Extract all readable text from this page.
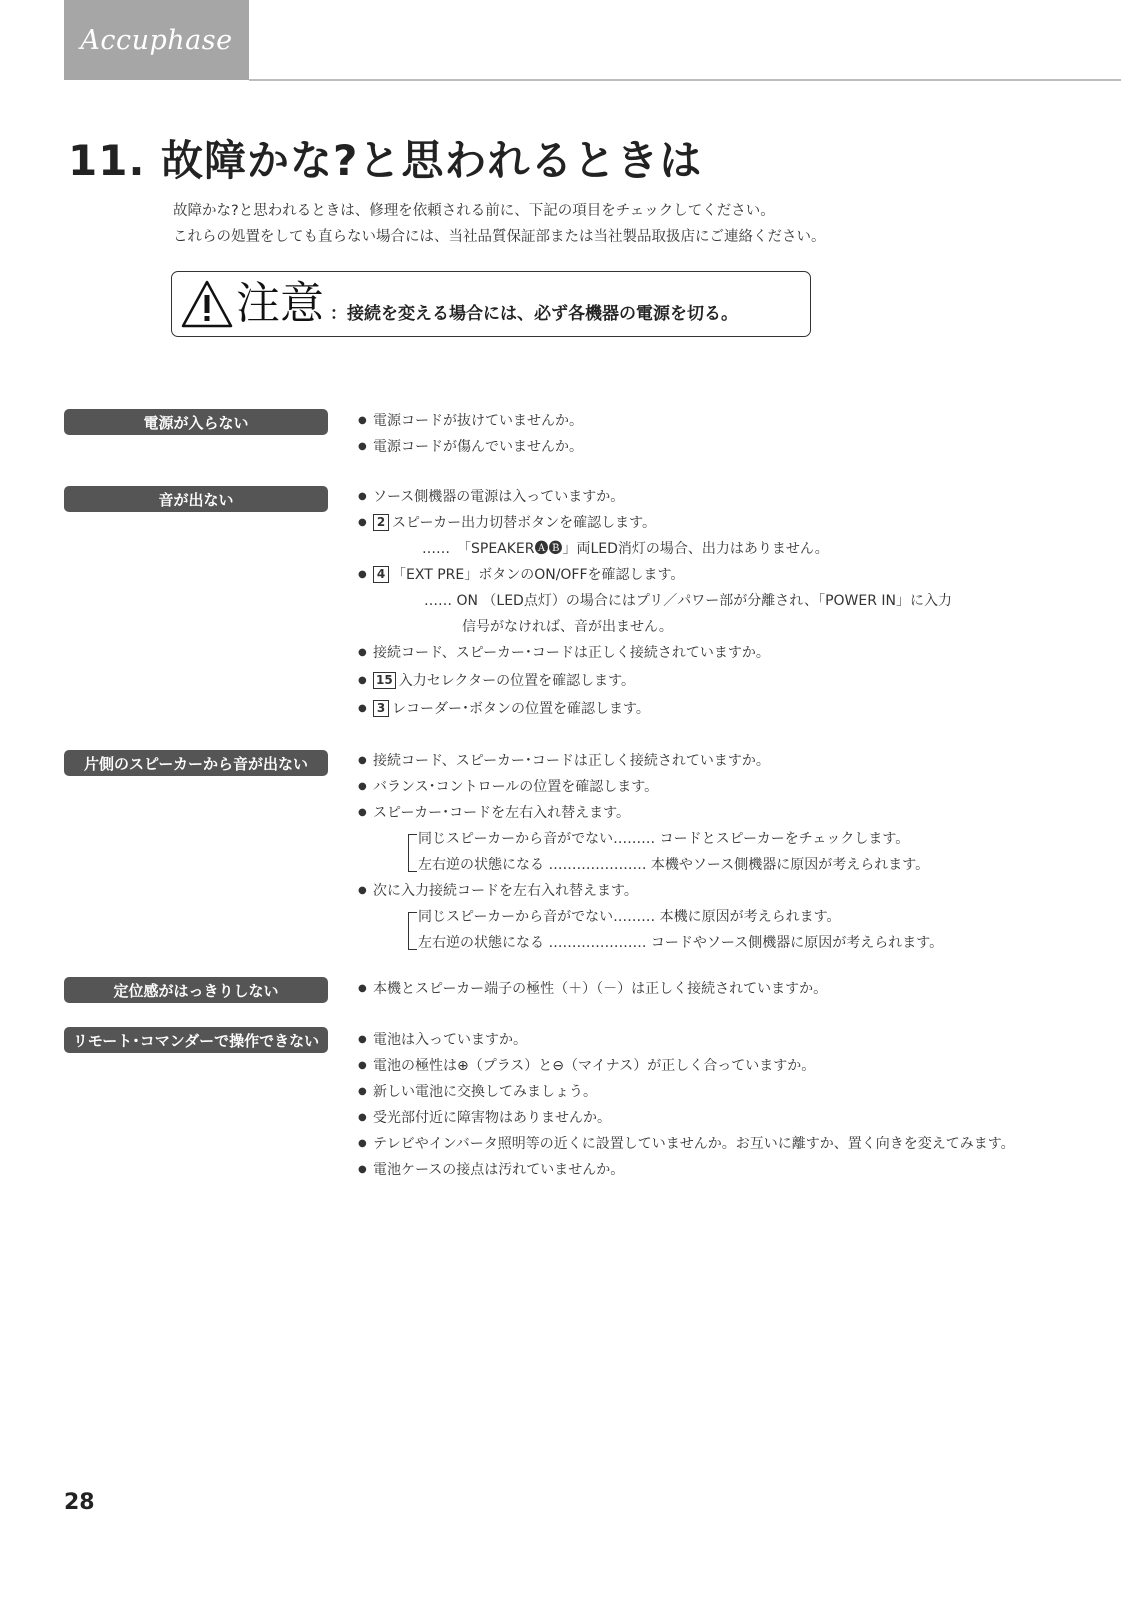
Accuphase
11. 故障かな?と思われるときは

故障かな?と思われるときは、修理を依頼される前に、下記の項目をチェックしてください。

これらの処置をしても直らない場合には、当社品質保証部または当社製品取扱店にご連絡ください。

注意 ：接続を変える場合には、必ず各機器の電源を切る。
電源が入らない	● 電源コードが抜けていませんか。
● 電源コードが傷んでいませんか。
音が出ない	● ソース側機器の電源は入っていますか。
● 2 スピーカー出力切替ボタンを確認します。
……　「SPEAKER🅐🅑」両LED消灯の場合、出力はありません。
● 4 「EXT PRE」ボタンのON/OFFを確認します。
…… ON （LED点灯）の場合にはプリ／パワー部が分離され、「POWER IN」に入力
信号がなければ、音が出ません。
● 接続コード、スピーカー･コードは正しく接続されていますか。
● 15 入力セレクターの位置を確認します。
● 3 レコーダー･ボタンの位置を確認します。
片側のスピーカーから音が出ない	● 接続コード、スピーカー･コードは正しく接続されていますか。
● バランス･コントロールの位置を確認します。
● スピーカー･コードを左右入れ替えます。
同じスピーカーから音がでない……… コードとスピーカーをチェックします。
左右逆の状態になる ………………… 本機やソース側機器に原因が考えられます。
● 次に入力接続コードを左右入れ替えます。
同じスピーカーから音がでない……… 本機に原因が考えられます。
左右逆の状態になる ………………… コードやソース側機器に原因が考えられます。
定位感がはっきりしない	● 本機とスピーカー端子の極性（＋）（－）は正しく接続されていますか。
リモート･コマンダーで操作できない	● 電池は入っていますか。
● 電池の極性は⊕（プラス）と⊖（マイナス）が正しく合っていますか。
● 新しい電池に交換してみましょう。
● 受光部付近に障害物はありませんか。
● テレビやインバータ照明等の近くに設置していませんか。お互いに離すか、置く向きを変えてみます。
● 電池ケースの接点は汚れていませんか。
28
